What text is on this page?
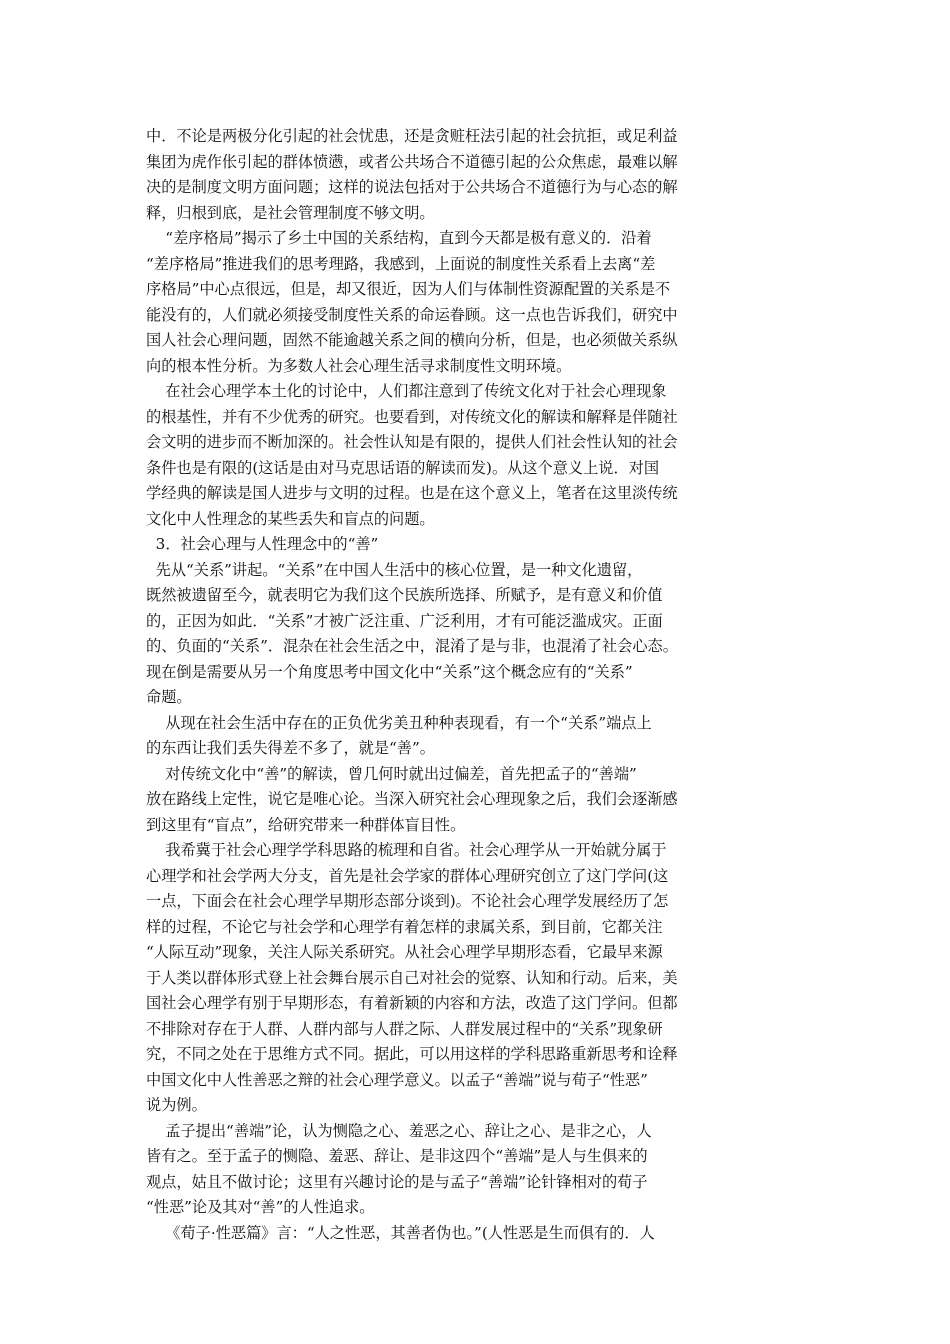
中．不论是两极分化引起的社会忧患，还是贪赃枉法引起的社会抗拒，或足利益
集团为虎作伥引起的群体愤懑，或者公共场合不道德引起的公众焦虑，最难以解
决的是制度文明方面问题；这样的说法包括对于公共场合不道德行为与心态的解
释，归根到底，是社会管理制度不够文明。
“差序格局”揭示了乡土中国的关系结构，直到今天都是极有意义的．沿着
“差序格局”推进我们的思考理路，我感到，上面说的制度性关系看上去离“差
序格局”中心点很远，但是，却又很近，因为人们与体制性资源配置的关系是不
能没有的，人们就必须接受制度性关系的命运眷顾。这一点也告诉我们，研究中
国人社会心理问题，固然不能逾越关系之间的横向分析，但是，也必须做关系纵
向的根本性分析。为多数人社会心理生活寻求制度性文明环境。
在社会心理学本土化的讨论中，人们都注意到了传统文化对于社会心理现象
的根基性，并有不少优秀的研究。也要看到，对传统文化的解读和解释是伴随社
会文明的进步而不断加深的。社会性认知是有限的，提供人们社会性认知的社会
条件也是有限的(这话是由对马克思话语的解读而发)。从这个意义上说．对国
学经典的解读是国人进步与文明的过程。也是在这个意义上，笔者在这里淡传统
文化中人性理念的某些丢失和盲点的问题。
3．社会心理与人性理念中的“善”
先从“关系”讲起。“关系”在中国人生活中的核心位置，是一种文化遗留，
既然被遗留至今，就表明它为我们这个民族所选择、所赋予，是有意义和价值
的，正因为如此．“关系”才被广泛注重、广泛利用，才有可能泛滥成灾。正面
的、负面的“关系”．混杂在社会生活之中，混淆了是与非，也混淆了社会心态。
现在倒是需要从另一个角度思考中国文化中“关系”这个概念应有的“关系”
命题。
从现在社会生活中存在的正负优劣美丑种种表现看，有一个“关系”端点上
的东西让我们丢失得差不多了，就是“善”。
对传统文化中“善”的解读，曾几何时就出过偏差，首先把孟子的“善端”
放在路线上定性，说它是唯心论。当深入研究社会心理现象之后，我们会逐渐感
到这里有“盲点”，给研究带来一种群体盲目性。
我希冀于社会心理学学科思路的梳理和自省。社会心理学从一开始就分属于
心理学和社会学两大分支，首先是社会学家的群体心理研究创立了这门学问(这
一点，下面会在社会心理学早期形态部分谈到)。不论社会心理学发展经历了怎
样的过程，不论它与社会学和心理学有着怎样的隶属关系，到目前，它都关注
“人际互动”现象，关注人际关系研究。从社会心理学早期形态看，它最早来源
于人类以群体形式登上社会舞台展示自己对社会的觉察、认知和行动。后来，美
国社会心理学有别于早期形态，有着新颖的内容和方法，改造了这门学问。但都
不排除对存在于人群、人群内部与人群之际、人群发展过程中的“关系”现象研
究，不同之处在于思维方式不同。据此，可以用这样的学科思路重新思考和诠释
中国文化中人性善恶之辩的社会心理学意义。以孟子“善端”说与荀子“性恶”
说为例。
孟子提出“善端”论，认为恻隐之心、羞恶之心、辞让之心、是非之心，人
皆有之。至于孟子的恻隐、羞恶、辞让、是非这四个“善端”是人与生俱来的
观点，姑且不做讨论；这里有兴趣讨论的是与孟子“善端”论针锋相对的荀子
“性恶”论及其对“善”的人性追求。
《荀子·性恶篇》言：“人之性恶，其善者伪也。”(人性恶是生而俱有的．人
